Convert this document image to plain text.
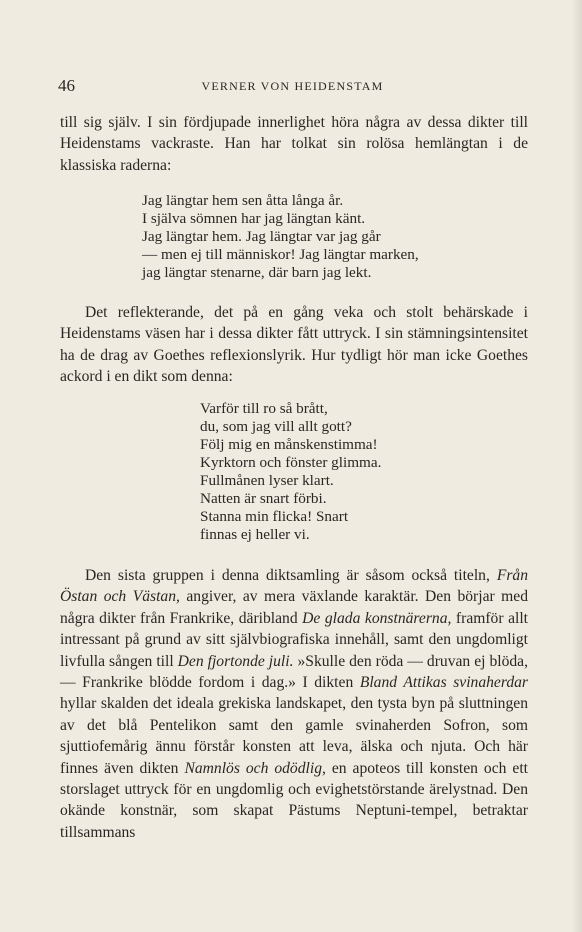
46	VERNER VON HEIDENSTAM

till sig själv. I sin fördjupade innerlighet höra några av dessa dikter till Heidenstams vackraste. Han har tolkat sin rolösa hemlängtan i de klassiska raderna:

Jag längtar hem sen åtta långa år.
I själva sömnen har jag längtan känt.
Jag längtar hem. Jag längtar var jag går
— men ej till människor! Jag längtar marken,
jag längtar stenarne, där barn jag lekt.

Det reflekterande, det på en gång veka och stolt behärskade i Heidenstams väsen har i dessa dikter fått uttryck. I sin stämningsintensitet ha de drag av Goethes reflexionslyrik. Hur tydligt hör man icke Goethes ackord i en dikt som denna:

Varför till ro så brått,
du, som jag vill allt gott?
Följ mig en månskenstimma!
Kyrktorn och fönster glimma.
Fullmånen lyser klart.
Natten är snart förbi.
Stanna min flicka! Snart
finnas ej heller vi.

Den sista gruppen i denna diktsamling är såsom också titeln, Från Östan och Västan, angiver, av mera växlande karaktär. Den börjar med några dikter från Frankrike, däribland De glada konstnärerna, framför allt intressant på grund av sitt självbiografiska innehåll, samt den ungdomligt livfulla sången till Den fjortonde juli. »Skulle den röda — druvan ej blöda, — Frankrike blödde fordom i dag.» I dikten Bland Attikas svinaherdar hyllar skalden det ideala grekiska landskapet, den tysta byn på sluttningen av det blå Pentelikon samt den gamle svinaherden Sofron, som sjuttiofemårig ännu förstår konsten att leva, älska och njuta. Och här finnes även dikten Namnlös och odödlig, en apoteos till konsten och ett storslaget uttryck för en ungdomlig och evighetstörstande ärelystnad. Den okände konstnär, som skapat Pästums Neptuni-tempel, betraktar tillsammans
